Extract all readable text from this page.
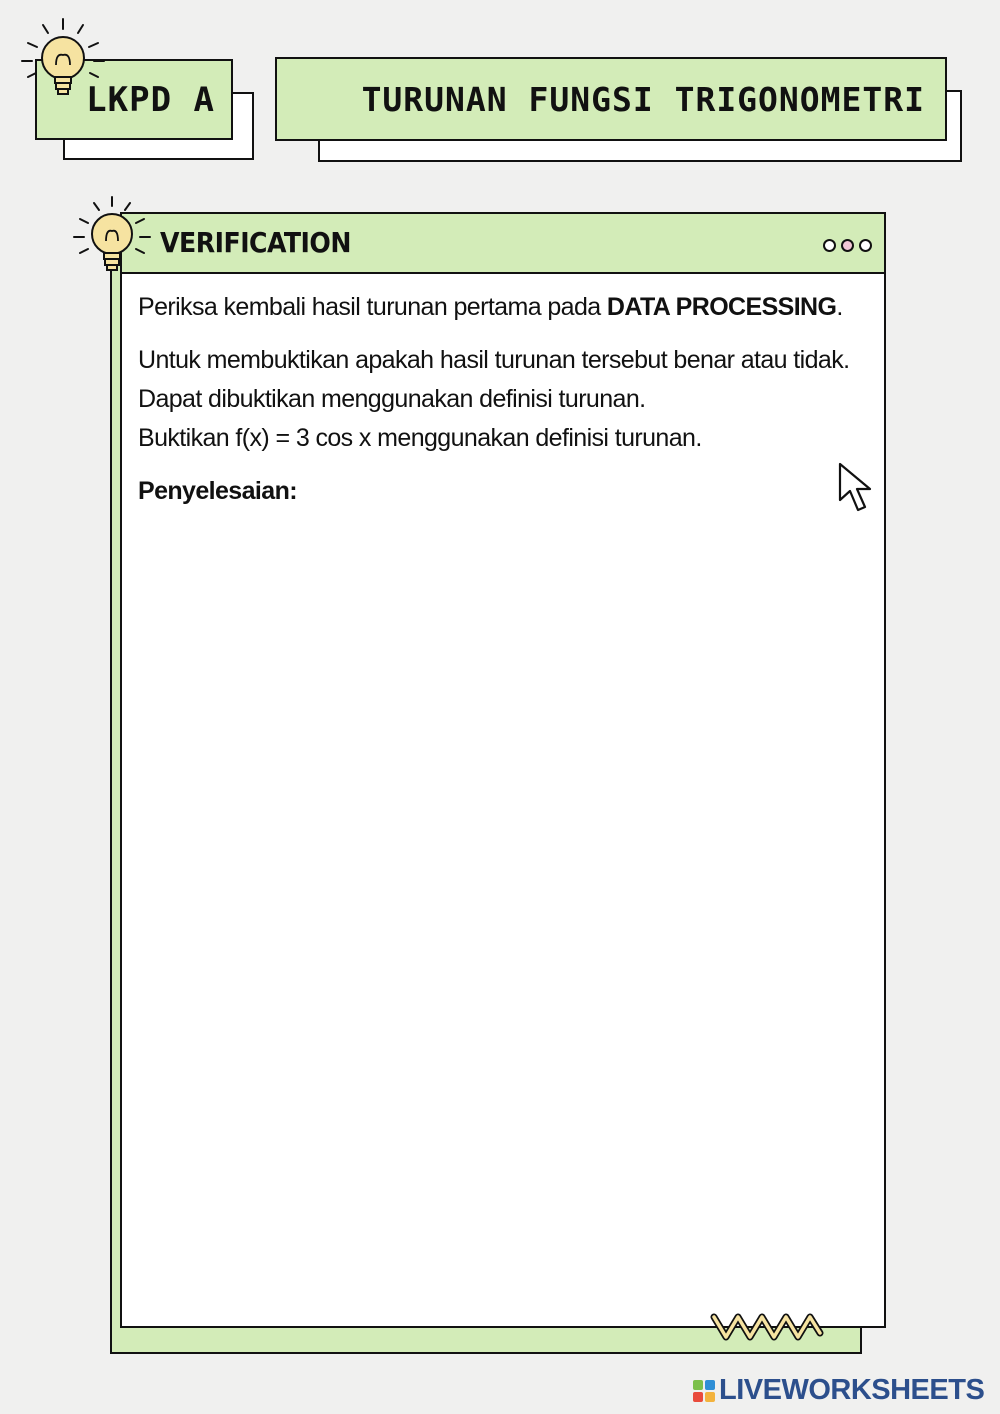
LKPD A	TURUNAN FUNGSI TRIGONOMETRI
VERIFICATION

Periksa kembali hasil turunan pertama pada DATA PROCESSING.

Untuk membuktikan apakah hasil turunan tersebut benar atau tidak. Dapat dibuktikan menggunakan definisi turunan.

Buktikan f(x) = 3 cos x menggunakan definisi turunan.

Penyelesaian:

LIVEWORKSHEETS
